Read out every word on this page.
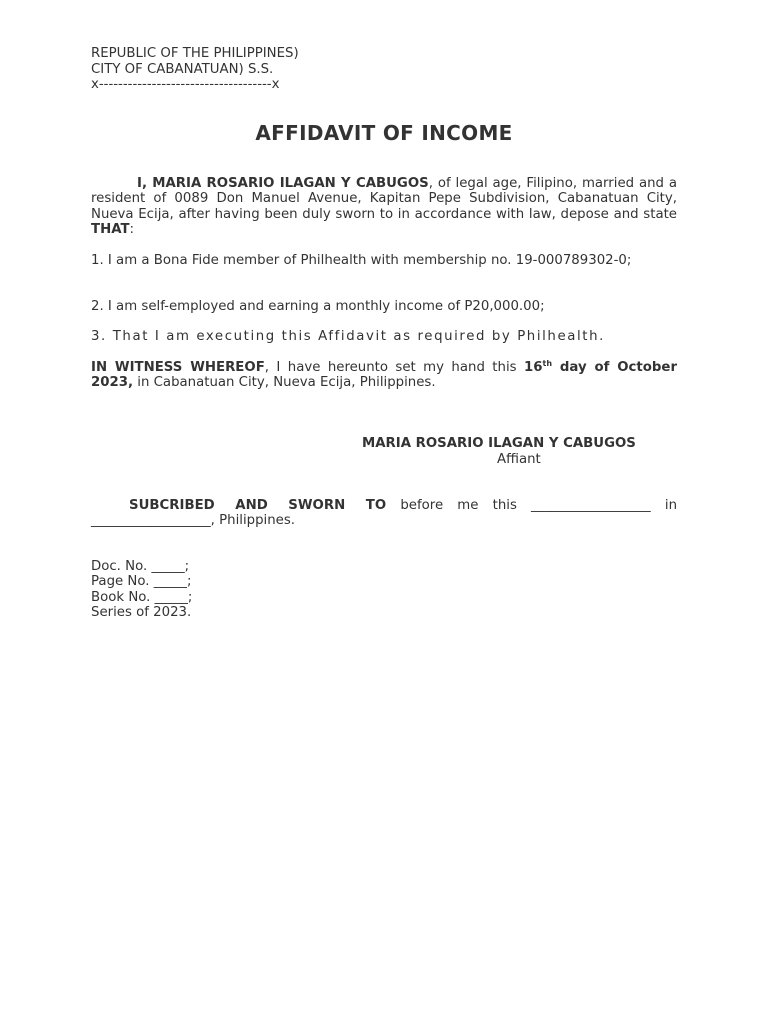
REPUBLIC OF THE PHILIPPINES)
CITY OF CABANATUAN) S.S.
x------------------------------------x
AFFIDAVIT OF INCOME
I, MARIA ROSARIO ILAGAN Y CABUGOS, of legal age, Filipino, married and a resident of 0089 Don Manuel Avenue, Kapitan Pepe Subdivision, Cabanatuan City, Nueva Ecija, after having been duly sworn to in accordance with law, depose and state THAT:
1. I am a Bona Fide member of Philhealth with membership no. 19-000789302-0;
2. I am self-employed and earning a monthly income of P20,000.00;
3. That I am executing this Affidavit as required by Philhealth.
IN WITNESS WHEREOF, I have hereunto set my hand this 16th day of October 2023, in Cabanatuan City, Nueva Ecija, Philippines.
MARIA ROSARIO ILAGAN Y CABUGOS
Affiant
SUBCRIBED AND SWORN TO before me this __________________ in __________________, Philippines.
Doc. No. _____;
Page No. _____;
Book No. _____;
Series of 2023.
